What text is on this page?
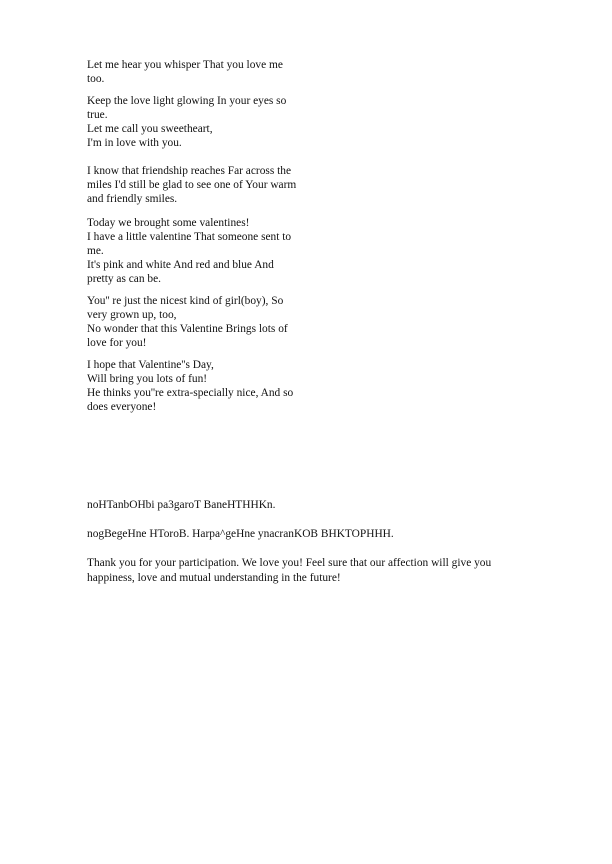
Let me hear you whisper That you love me too.
Keep the love light glowing In your eyes so true.
Let me call you sweetheart,
I'm in love with you.
I know that friendship reaches Far across the miles I'd still be glad to see one of Your warm and friendly smiles.
Today we brought some valentines!
I have a little valentine That someone sent to me.
It's pink and white And red and blue And pretty as can be.
You'' re just the nicest kind of girl(boy), So very grown up, too,
No wonder that this Valentine Brings lots of love for you!
I hope that Valentine''s Day,
Will bring you lots of fun!
He thinks you''re extra-specially nice, And so does everyone!

noHTanbOHbi pa3garoT BaneHTHHKn.

nogBegeHne HToroB. Harpa^geHne ynacranKOB BHKTOPHHH.

Thank you for your participation. We love you! Feel sure that our affection will give you happiness, love and mutual understanding in the future!
